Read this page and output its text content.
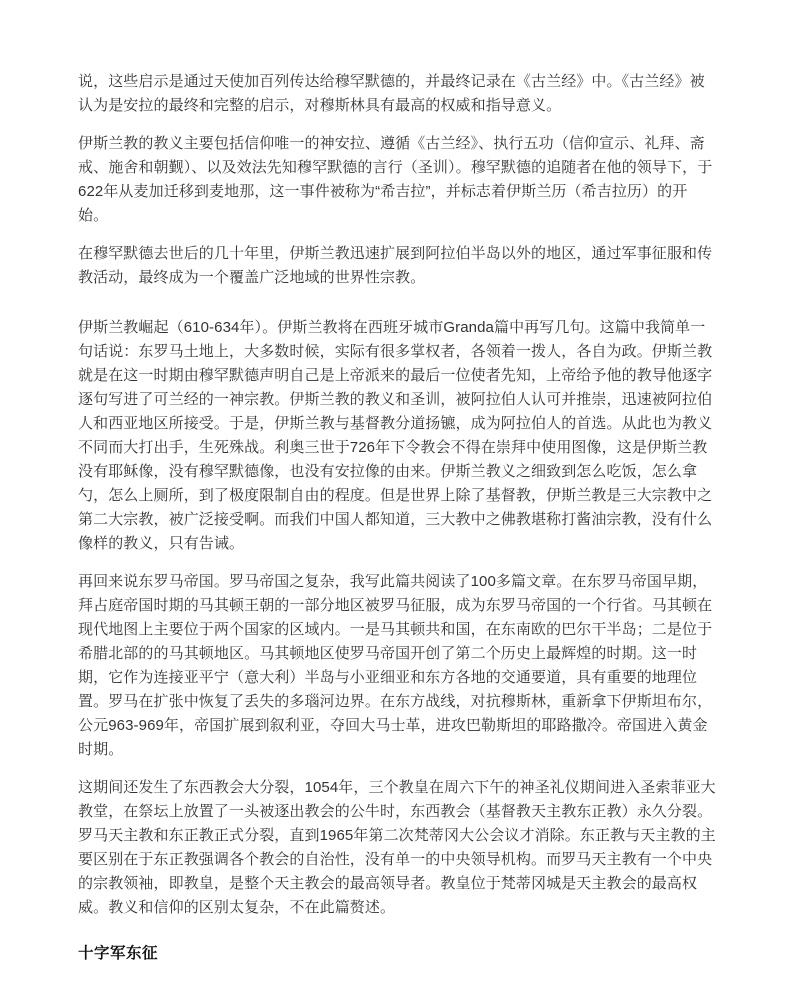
说，这些启示是通过天使加百列传达给穆罕默德的，并最终记录在《古兰经》中。《古兰经》被认为是安拉的最终和完整的启示，对穆斯林具有最高的权威和指导意义。

伊斯兰教的教义主要包括信仰唯一的神安拉、遵循《古兰经》、执行五功（信仰宣示、礼拜、斋戒、施舍和朝觐）、以及效法先知穆罕默德的言行（圣训）。穆罕默德的追随者在他的领导下，于622年从麦加迁移到麦地那，这一事件被称为“希吉拉”，并标志着伊斯兰历（希吉拉历）的开始。

在穆罕默德去世后的几十年里，伊斯兰教迅速扩展到阿拉伯半岛以外的地区，通过军事征服和传教活动，最终成为一个覆盖广泛地域的世界性宗教。

伊斯兰教崛起（610-634年）。伊斯兰教将在西班牙城市Granda篇中再写几句。这篇中我简单一句话说：东罗马土地上，大多数时候，实际有很多掌权者，各领着一拨人，各自为政。伊斯兰教就是在这一时期由穆罕默德声明自己是上帝派来的最后一位使者先知，上帝给予他的教导他逐字逐句写进了可兰经的一神宗教。伊斯兰教的教义和圣训，被阿拉伯人认可并推崇，迅速被阿拉伯人和西亚地区所接受。于是，伊斯兰教与基督教分道扬镳，成为阿拉伯人的首选。从此也为教义不同而大打出手，生死殊战。利奥三世于726年下令教会不得在崇拜中使用图像，这是伊斯兰教没有耶稣像，没有穆罕默德像，也没有安拉像的由来。伊斯兰教义之细致到怎么吃饭，怎么拿勺，怎么上厕所，到了极度限制自由的程度。但是世界上除了基督教，伊斯兰教是三大宗教中之第二大宗教，被广泛接受啊。而我们中国人都知道，三大教中之佛教堪称打酱油宗教，没有什么像样的教义，只有告诫。

再回来说东罗马帝国。罗马帝国之复杂，我写此篇共阅读了100多篇文章。在东罗马帝国早期，拜占庭帝国时期的马其顿王朝的一部分地区被罗马征服，成为东罗马帝国的一个行省。马其顿在现代地图上主要位于两个国家的区域内。一是马其顿共和国，在东南欧的巴尔干半岛；二是位于希腊北部的的马其顿地区。马其顿地区使罗马帝国开创了第二个历史上最辉煌的时期。这一时期，它作为连接亚平宁（意大利）半岛与小亚细亚和东方各地的交通要道，具有重要的地理位置。罗马在扩张中恢复了丢失的多瑙河边界。在东方战线，对抗穆斯林，重新拿下伊斯坦布尔，公元963-969年，帝国扩展到叙利亚，夺回大马士革，进攻巴勒斯坦的耶路撒冷。帝国进入黄金时期。

这期间还发生了东西教会大分裂，1054年，三个教皇在周六下午的神圣礼仪期间进入圣索菲亚大教堂，在祭坛上放置了一头被逐出教会的公牛时，东西教会（基督教天主教东正教）永久分裂。罗马天主教和东正教正式分裂，直到1965年第二次梵蒂冈大公会议才消除。东正教与天主教的主要区别在于东正教强调各个教会的自治性，没有单一的中央领导机构。而罗马天主教有一个中央的宗教领袖，即教皇，是整个天主教会的最高领导者。教皇位于梵蒂冈城是天主教会的最高权威。教义和信仰的区别太复杂，不在此篇赘述。

十字军东征
